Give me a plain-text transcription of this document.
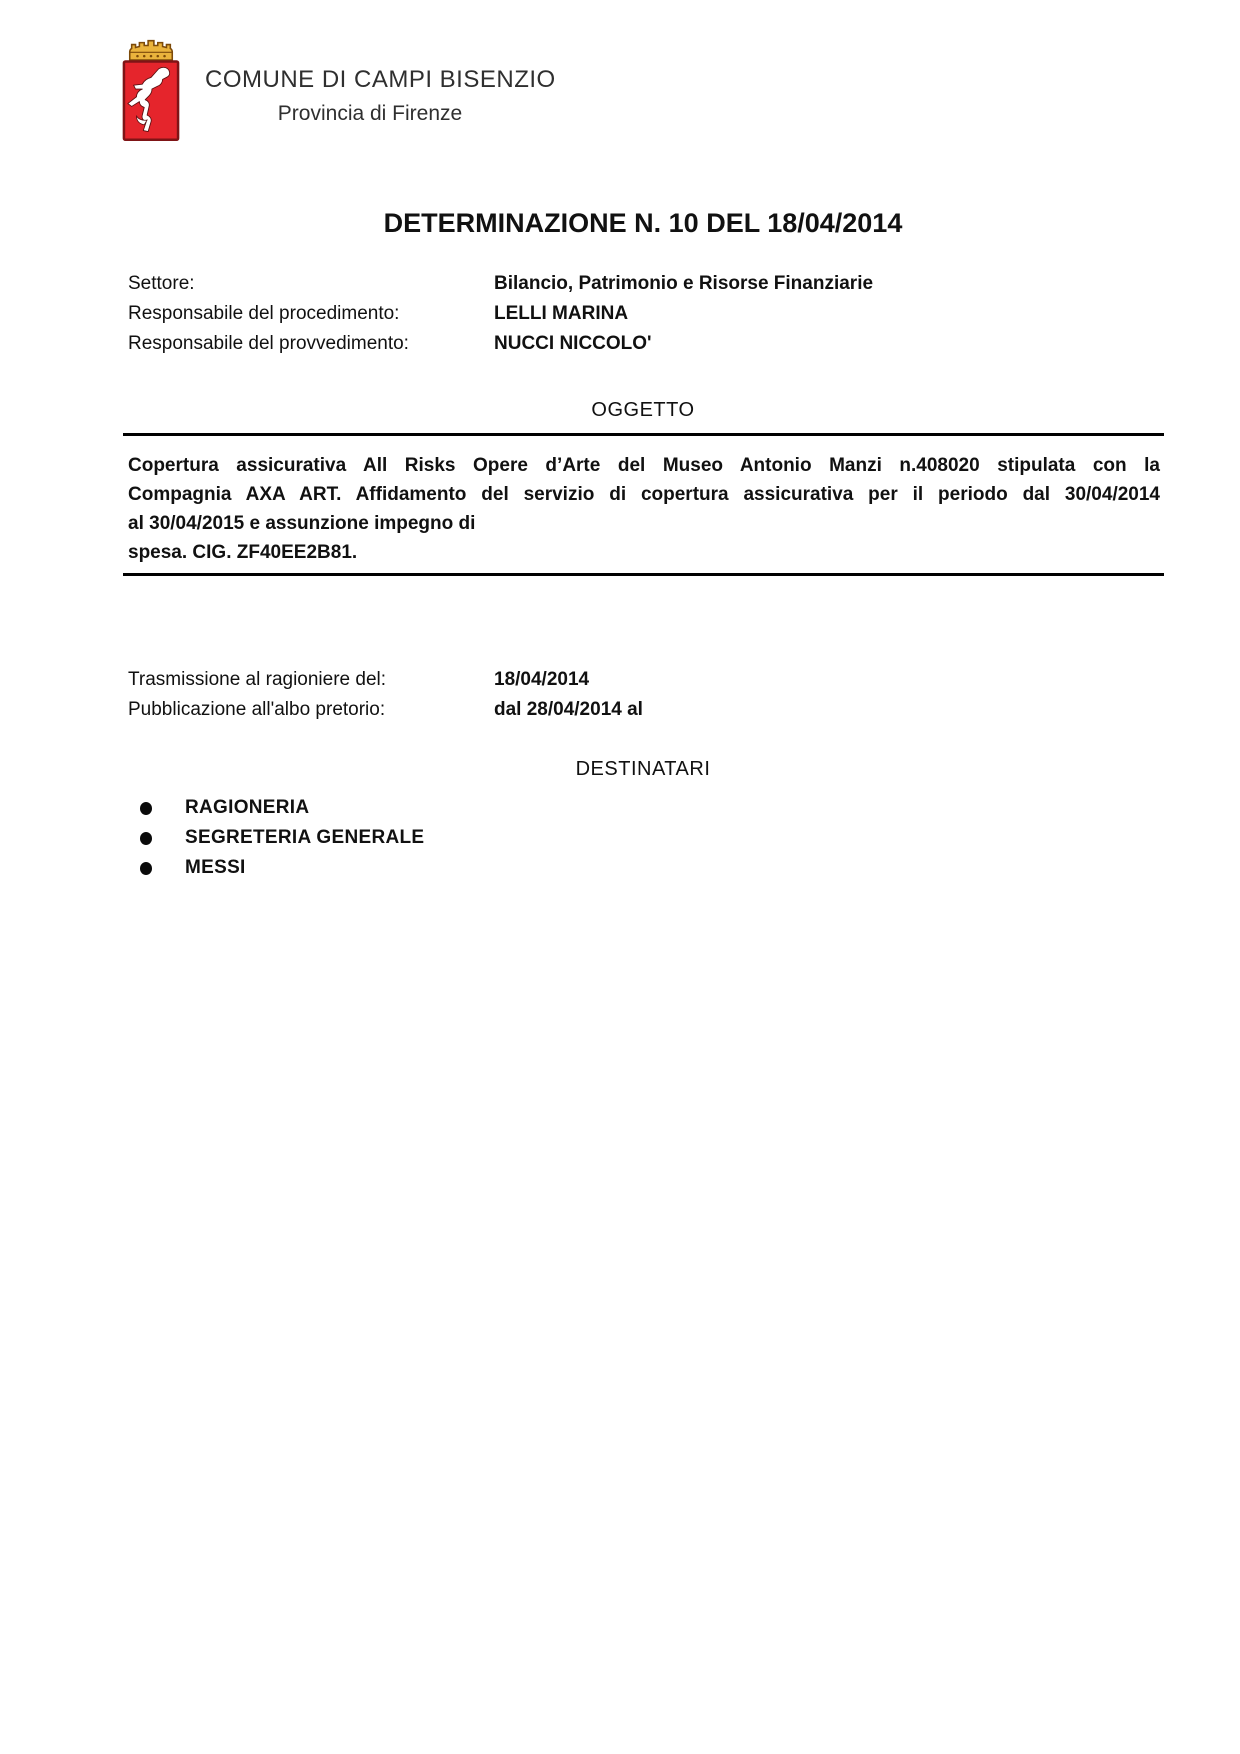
COMUNE DI CAMPI BISENZIO
Provincia di Firenze
DETERMINAZIONE N. 10 DEL 18/04/2014
Settore:	Bilancio, Patrimonio e Risorse Finanziarie
Responsabile del procedimento:	LELLI MARINA
Responsabile del provvedimento:	NUCCI NICCOLO'
OGGETTO
Copertura assicurativa All Risks Opere d’Arte del Museo Antonio Manzi n.408020 stipulata con la
Compagnia AXA ART. Affidamento del servizio di copertura assicurativa per il periodo dal 30/04/2014
al 30/04/2015 e assunzione impegno di
spesa. CIG. ZF40EE2B81.
Trasmissione al ragioniere del:	18/04/2014
Pubblicazione all'albo pretorio:	dal 28/04/2014 al
DESTINATARI
RAGIONERIA
SEGRETERIA GENERALE
MESSI
